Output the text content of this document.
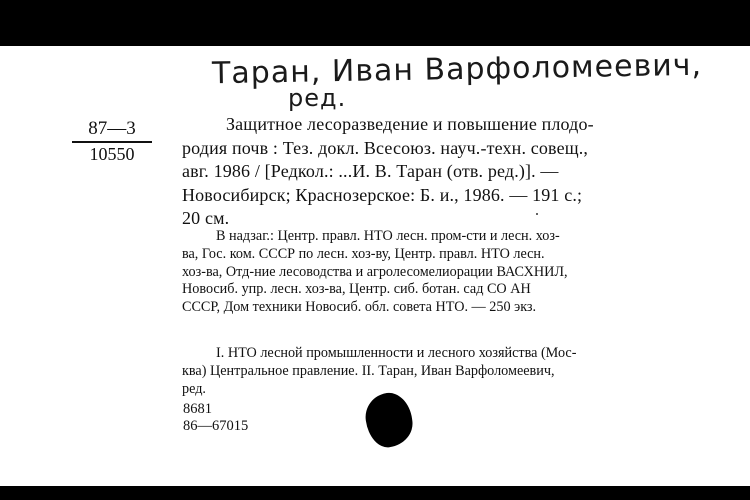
Таран, Иван Варфоломеевич,
ред.
87—3
10550

Защитное лесоразведение и повышение плодо-

родия почв : Тез. докл. Всесоюз. науч.-техн. совещ.,

авг. 1986 / [Редкол.: ...И. В. Таран (отв. ред.)]. —

Новосибирск; Краснозерское: Б. и., 1986. — 191 с.;

20 см.

В надзаг.: Центр. правл. НТО лесн. пром-сти и лесн. хоз-

ва, Гос. ком. СССР по лесн. хоз-ву, Центр. правл. НТО лесн.

хоз-ва, Отд-ние лесоводства и агролесомелиорации ВАСХНИЛ,

Новосиб. упр. лесн. хоз-ва, Центр. сиб. ботан. сад СО АН

СССР, Дом техники Новосиб. обл. совета НТО. — 250 экз.

I. НТО лесной промышленности и лесного хозяйства (Мос-

ква) Центральное правление. II. Таран, Иван Варфоломеевич,

ред.

8681
86—67015
